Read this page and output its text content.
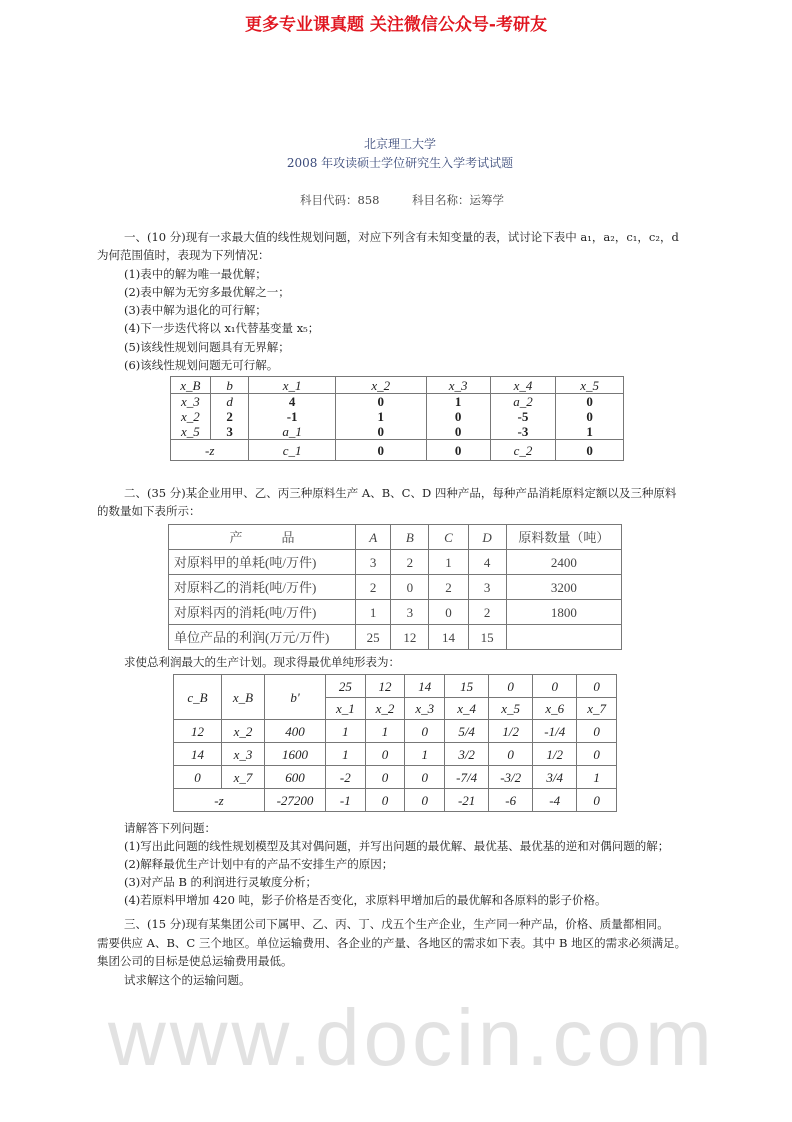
更多专业课真题 关注微信公众号-考研友
北京理工大学
2008 年攻读硕士学位研究生入学考试试题
科目代码：858	科目名称：运筹学
一、(10 分)现有一求最大值的线性规划问题，对应下列含有未知变量的表，试讨论下表中 a₁，a₂，c₁，c₂，d
为何范围值时，表现为下列情况：
(1)表中的解为唯一最优解；
(2)表中解为无穷多最优解之一；
(3)表中解为退化的可行解；
(4)下一步迭代将以 x₁代替基变量 x₅；
(5)该线性规划问题具有无界解；
(6)该线性规划问题无可行解。
x_B	b	x_1	x_2	x_3	x_4	x_5
x_3	d	4	0	1	a_2	0
x_2	2	-1	1	0	-5	0
x_5	3	a_1	0	0	-3	1
-z		c_1	0	0	c_2	0
二、(35 分)某企业用甲、乙、丙三种原料生产 A、B、C、D 四种产品，每种产品消耗原料定额以及三种原料
的数量如下表所示：
产　　　品	A	B	C	D	原料数量（吨）
对原料甲的单耗(吨/万件)	3	2	1	4	2400
对原料乙的消耗(吨/万件)	2	0	2	3	3200
对原料丙的消耗(吨/万件)	1	3	0	2	1800
单位产品的利润(万元/万件)	25	12	14	15	
求使总利润最大的生产计划。现求得最优单纯形表为：
c_B	x_B	b'	25	12	14	15	0	0	0
			x_1	x_2	x_3	x_4	x_5	x_6	x_7
12	x_2	400	1	1	0	5/4	1/2	-1/4	0
14	x_3	1600	1	0	1	3/2	0	1/2	0
0	x_7	600	-2	0	0	-7/4	-3/2	3/4	1
-z		-27200	-1	0	0	-21	-6	-4	0
请解答下列问题：
(1)写出此问题的线性规划模型及其对偶问题，并写出问题的最优解、最优基、最优基的逆和对偶问题的解；
(2)解释最优生产计划中有的产品不安排生产的原因；
(3)对产品 B 的利润进行灵敏度分析；
(4)若原料甲增加 420 吨，影子价格是否变化，求原料甲增加后的最优解和各原料的影子价格。
三、(15 分)现有某集团公司下属甲、乙、丙、丁、戊五个生产企业，生产同一种产品，价格、质量都相同。
需要供应 A、B、C 三个地区。单位运输费用、各企业的产量、各地区的需求如下表。其中 B 地区的需求必须满足。
集团公司的目标是使总运输费用最低。
试求解这个的运输问题。
www.docin.com
